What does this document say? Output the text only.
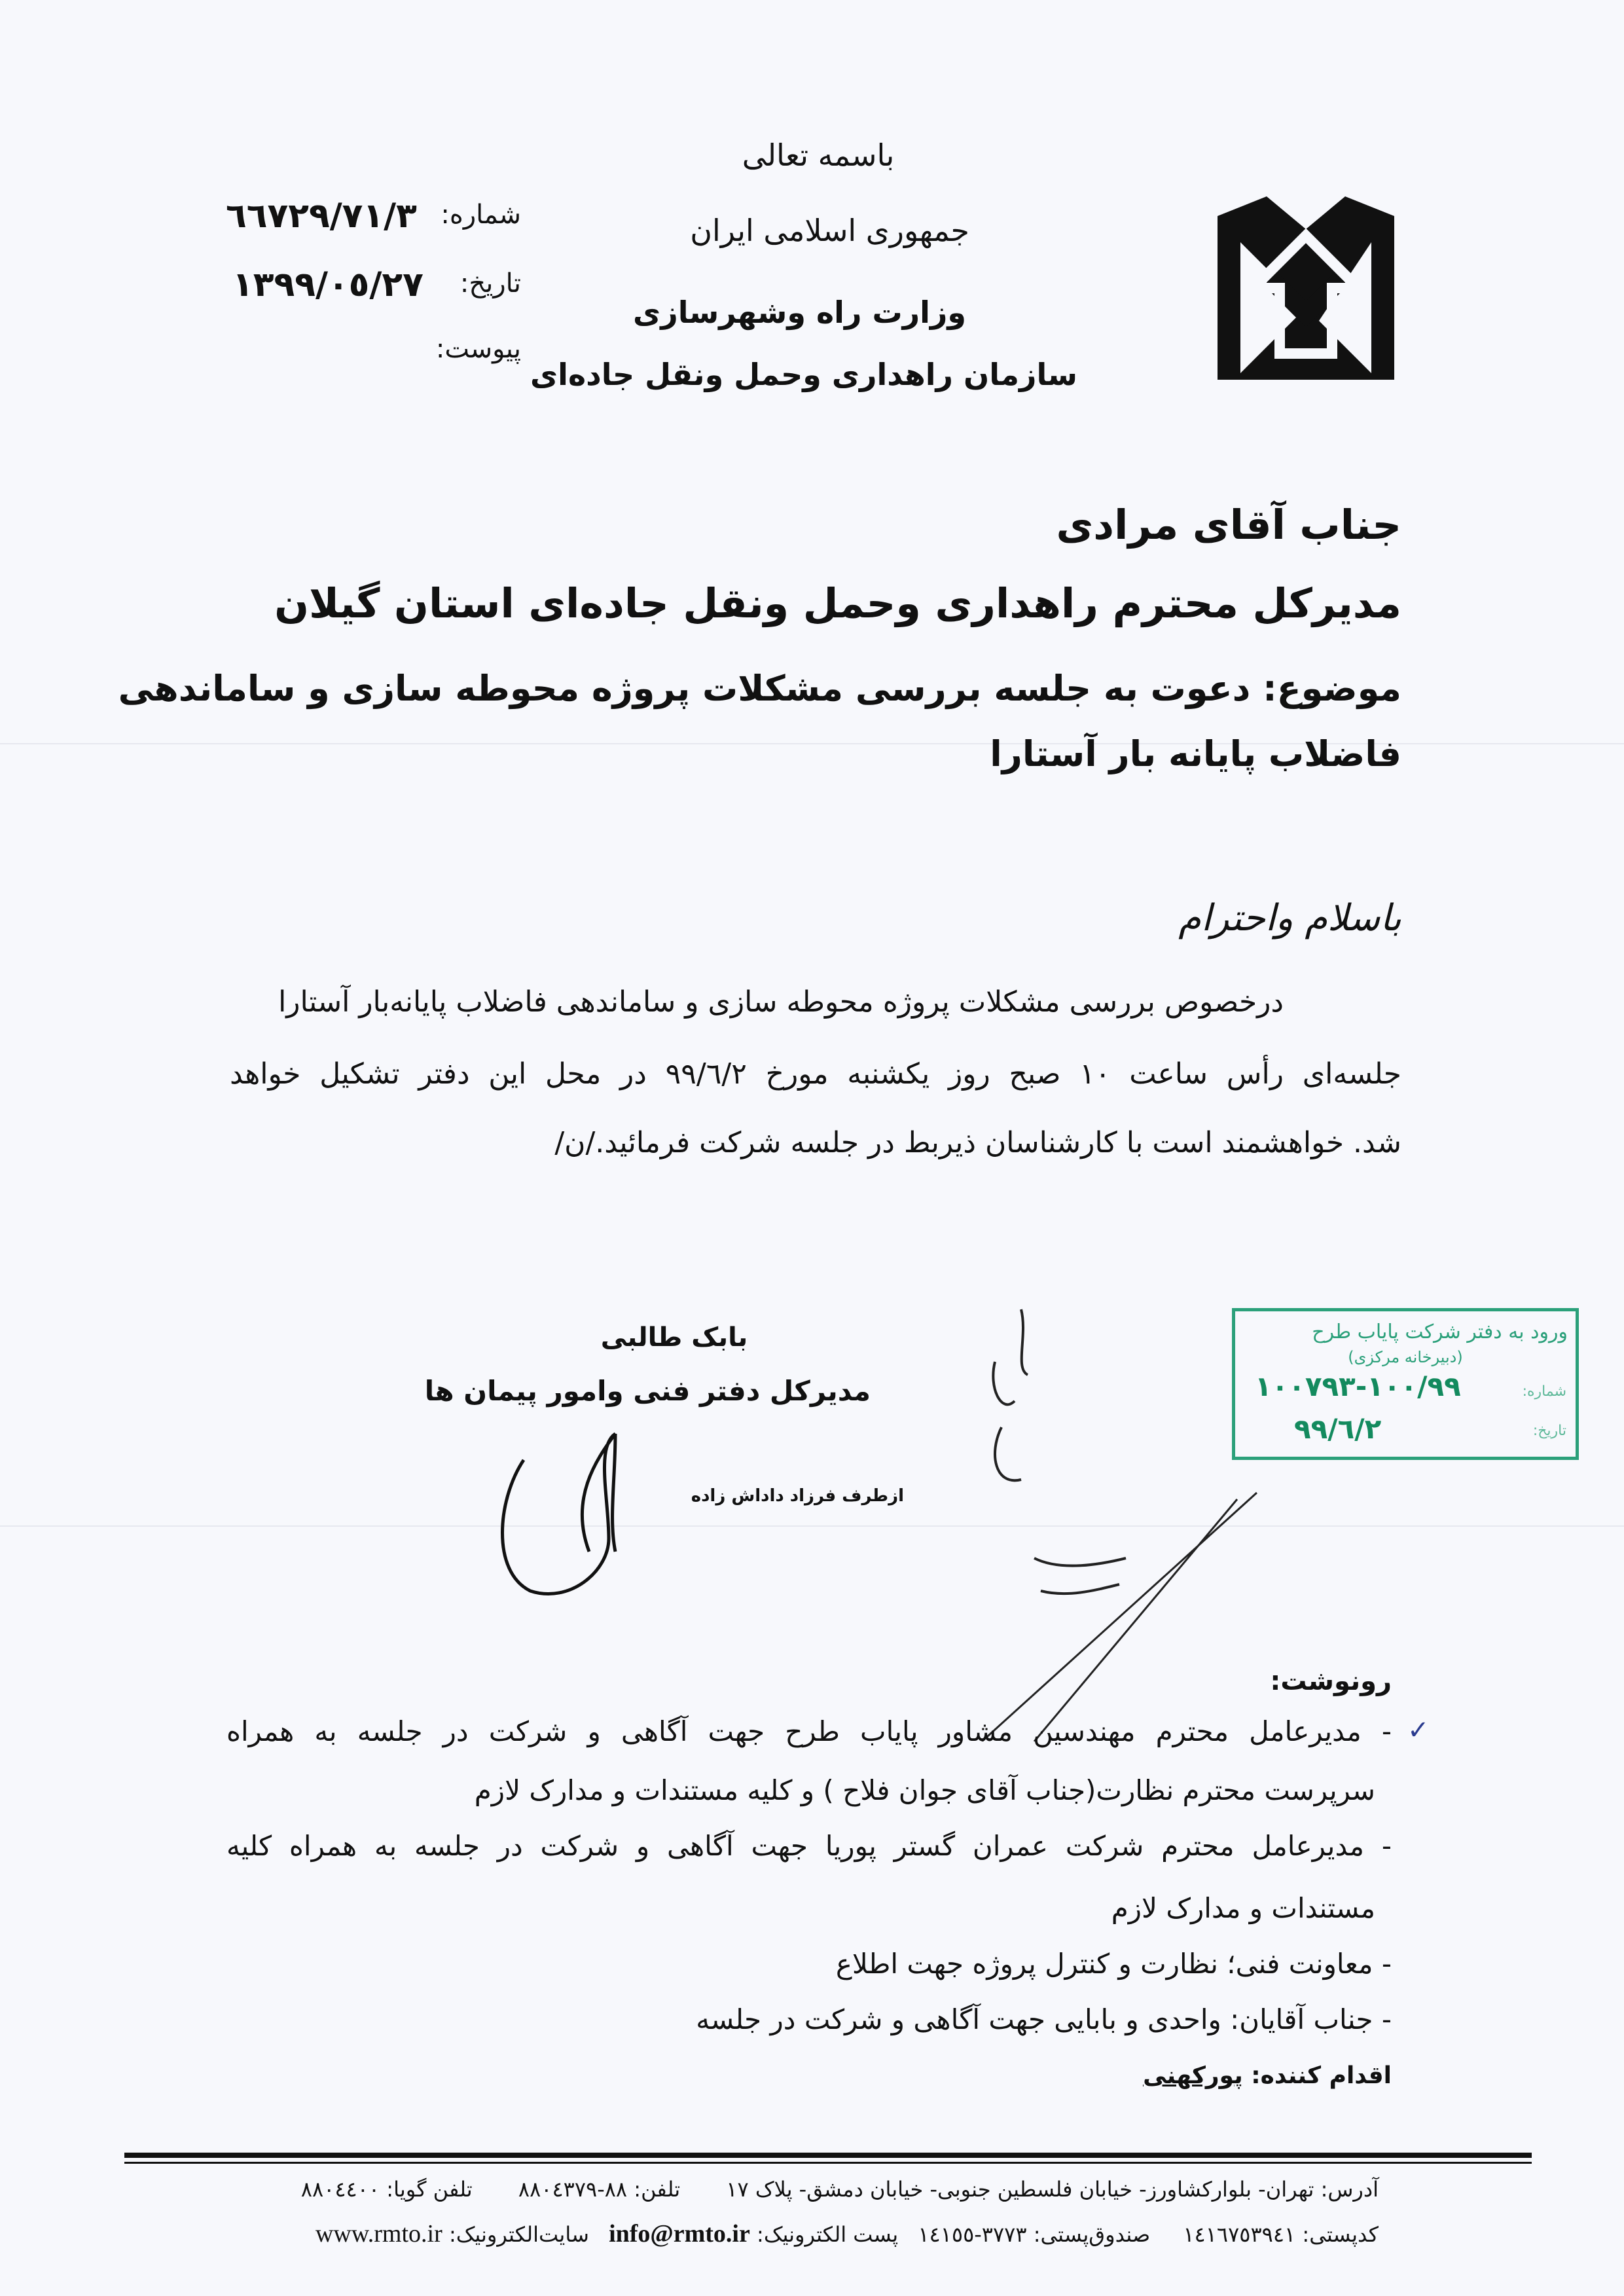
باسمه تعالی
جمهوری اسلامی ایران
وزارت راه وشهرسازی
سازمان راهداری وحمل ونقل جاده‌ای
شماره:
٦٦٧٢٩/٧١/٣
تاریخ:
١٣٩٩/٠٥/٢٧
پیوست:
جناب آقای مرادی
مدیرکل محترم راهداری وحمل ونقل جاده‌ای استان گیلان
موضوع: دعوت به جلسه بررسی مشکلات پروژه محوطه سازی و ساماندهی
فاضلاب پایانه بار آستارا
باسلام واحترام
درخصوص بررسی مشکلات پروژه محوطه سازی و ساماندهی فاضلاب پایانه‌بار آستارا
جلسه‌ای رأس ساعت ١٠ صبح روز یکشنبه مورخ ٩٩/٦/٢ در محل این دفتر تشکیل خواهد
شد. خواهشمند است با کارشناسان ذیربط در جلسه شرکت فرمائید./ن/
بابک طالبی
مدیرکل دفتر فنی وامور پیمان ها
ازطرف فرزاد داداش زاده
ورود به دفتر شرکت پایاب طرح
(دبیرخانه مرکزی)
شماره:
١٠٠/٩٩-١٠٠٧٩٣
تاریخ:
٩٩/٦/٢
رونوشت:
✓
- مدیرعامل محترم مهندسین مشاور پایاب طرح جهت آگاهی و شرکت در جلسه به همراه
سرپرست محترم نظارت(جناب آقای جوان فلاح ) و کلیه مستندات و مدارک لازم
- مدیرعامل محترم شرکت عمران گستر پوریا جهت آگاهی و شرکت در جلسه به همراه کلیه
مستندات و مدارک لازم
- معاونت فنی؛ نظارت و کنترل پروژه جهت اطلاع
- جناب آقایان: واحدی و بابایی جهت آگاهی و شرکت در جلسه
اقدام کننده: پورکهنی
آدرس: تهران- بلوارکشاورز- خیابان فلسطین جنوبی- خیابان دمشق- پلاک ١٧ تلفن: ٨٨-٨٨٠٤٣٧٩ تلفن گویا: ٨٨٠٤٤٠٠
کدپستی: ١٤١٦٧٥٣٩٤١ صندوق‌پستی: ٣٧٧٣-١٤١٥٥ پست الکترونیک: info@rmto.ir سایت‌الکترونیک: www.rmto.ir
